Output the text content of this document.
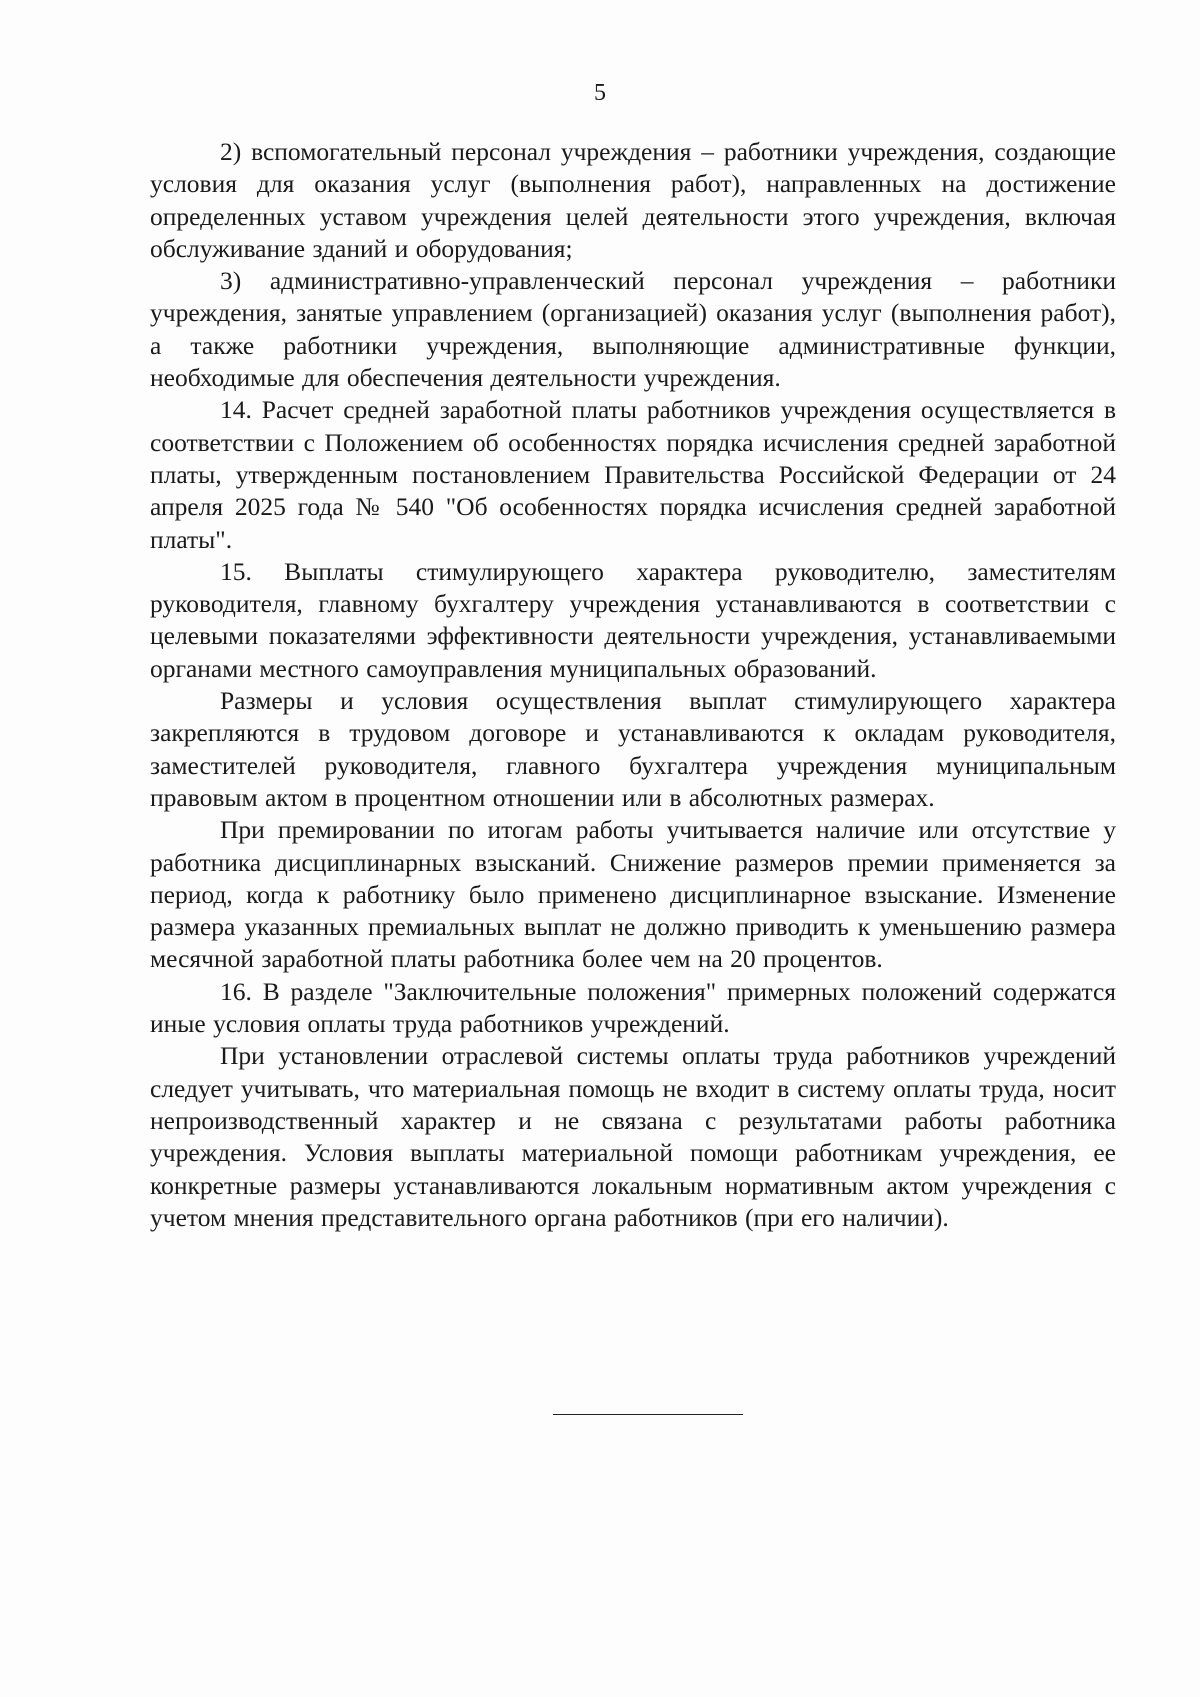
5

2) вспомогательный персонал учреждения – работники учреждения, создающие условия для оказания услуг (выполнения работ), направленных на достижение определенных уставом учреждения целей деятельности этого учреждения, включая обслуживание зданий и оборудования;

3) административно-управленческий персонал учреждения – работники учреждения, занятые управлением (организацией) оказания услуг (выполнения работ), а также работники учреждения, выполняющие административные функции, необходимые для обеспечения деятельности учреждения.

14. Расчет средней заработной платы работников учреждения осуществляется в соответствии с Положением об особенностях порядка исчисления средней заработной платы, утвержденным постановлением Правительства Российской Федерации от 24 апреля 2025 года № 540 "Об особенностях порядка исчисления средней заработной платы".

15. Выплаты стимулирующего характера руководителю, заместителям руководителя, главному бухгалтеру учреждения устанавливаются в соответствии с целевыми показателями эффективности деятельности учреждения, устанавливаемыми органами местного самоуправления муниципальных образований.

Размеры и условия осуществления выплат стимулирующего характера закрепляются в трудовом договоре и устанавливаются к окладам руководителя, заместителей руководителя, главного бухгалтера учреждения муниципальным правовым актом в процентном отношении или в абсолютных размерах.

При премировании по итогам работы учитывается наличие или отсутствие у работника дисциплинарных взысканий. Снижение размеров премии применяется за период, когда к работнику было применено дисциплинарное взыскание. Изменение размера указанных премиальных выплат не должно приводить к уменьшению размера месячной заработной платы работника более чем на 20 процентов.

16. В разделе "Заключительные положения" примерных положений содержатся иные условия оплаты труда работников учреждений.

При установлении отраслевой системы оплаты труда работников учреждений следует учитывать, что материальная помощь не входит в систему оплаты труда, носит непроизводственный характер и не связана с результатами работы работника учреждения. Условия выплаты материальной помощи работникам учреждения, ее конкретные размеры устанавливаются локальным нормативным актом учреждения с учетом мнения представительного органа работников (при его наличии).
